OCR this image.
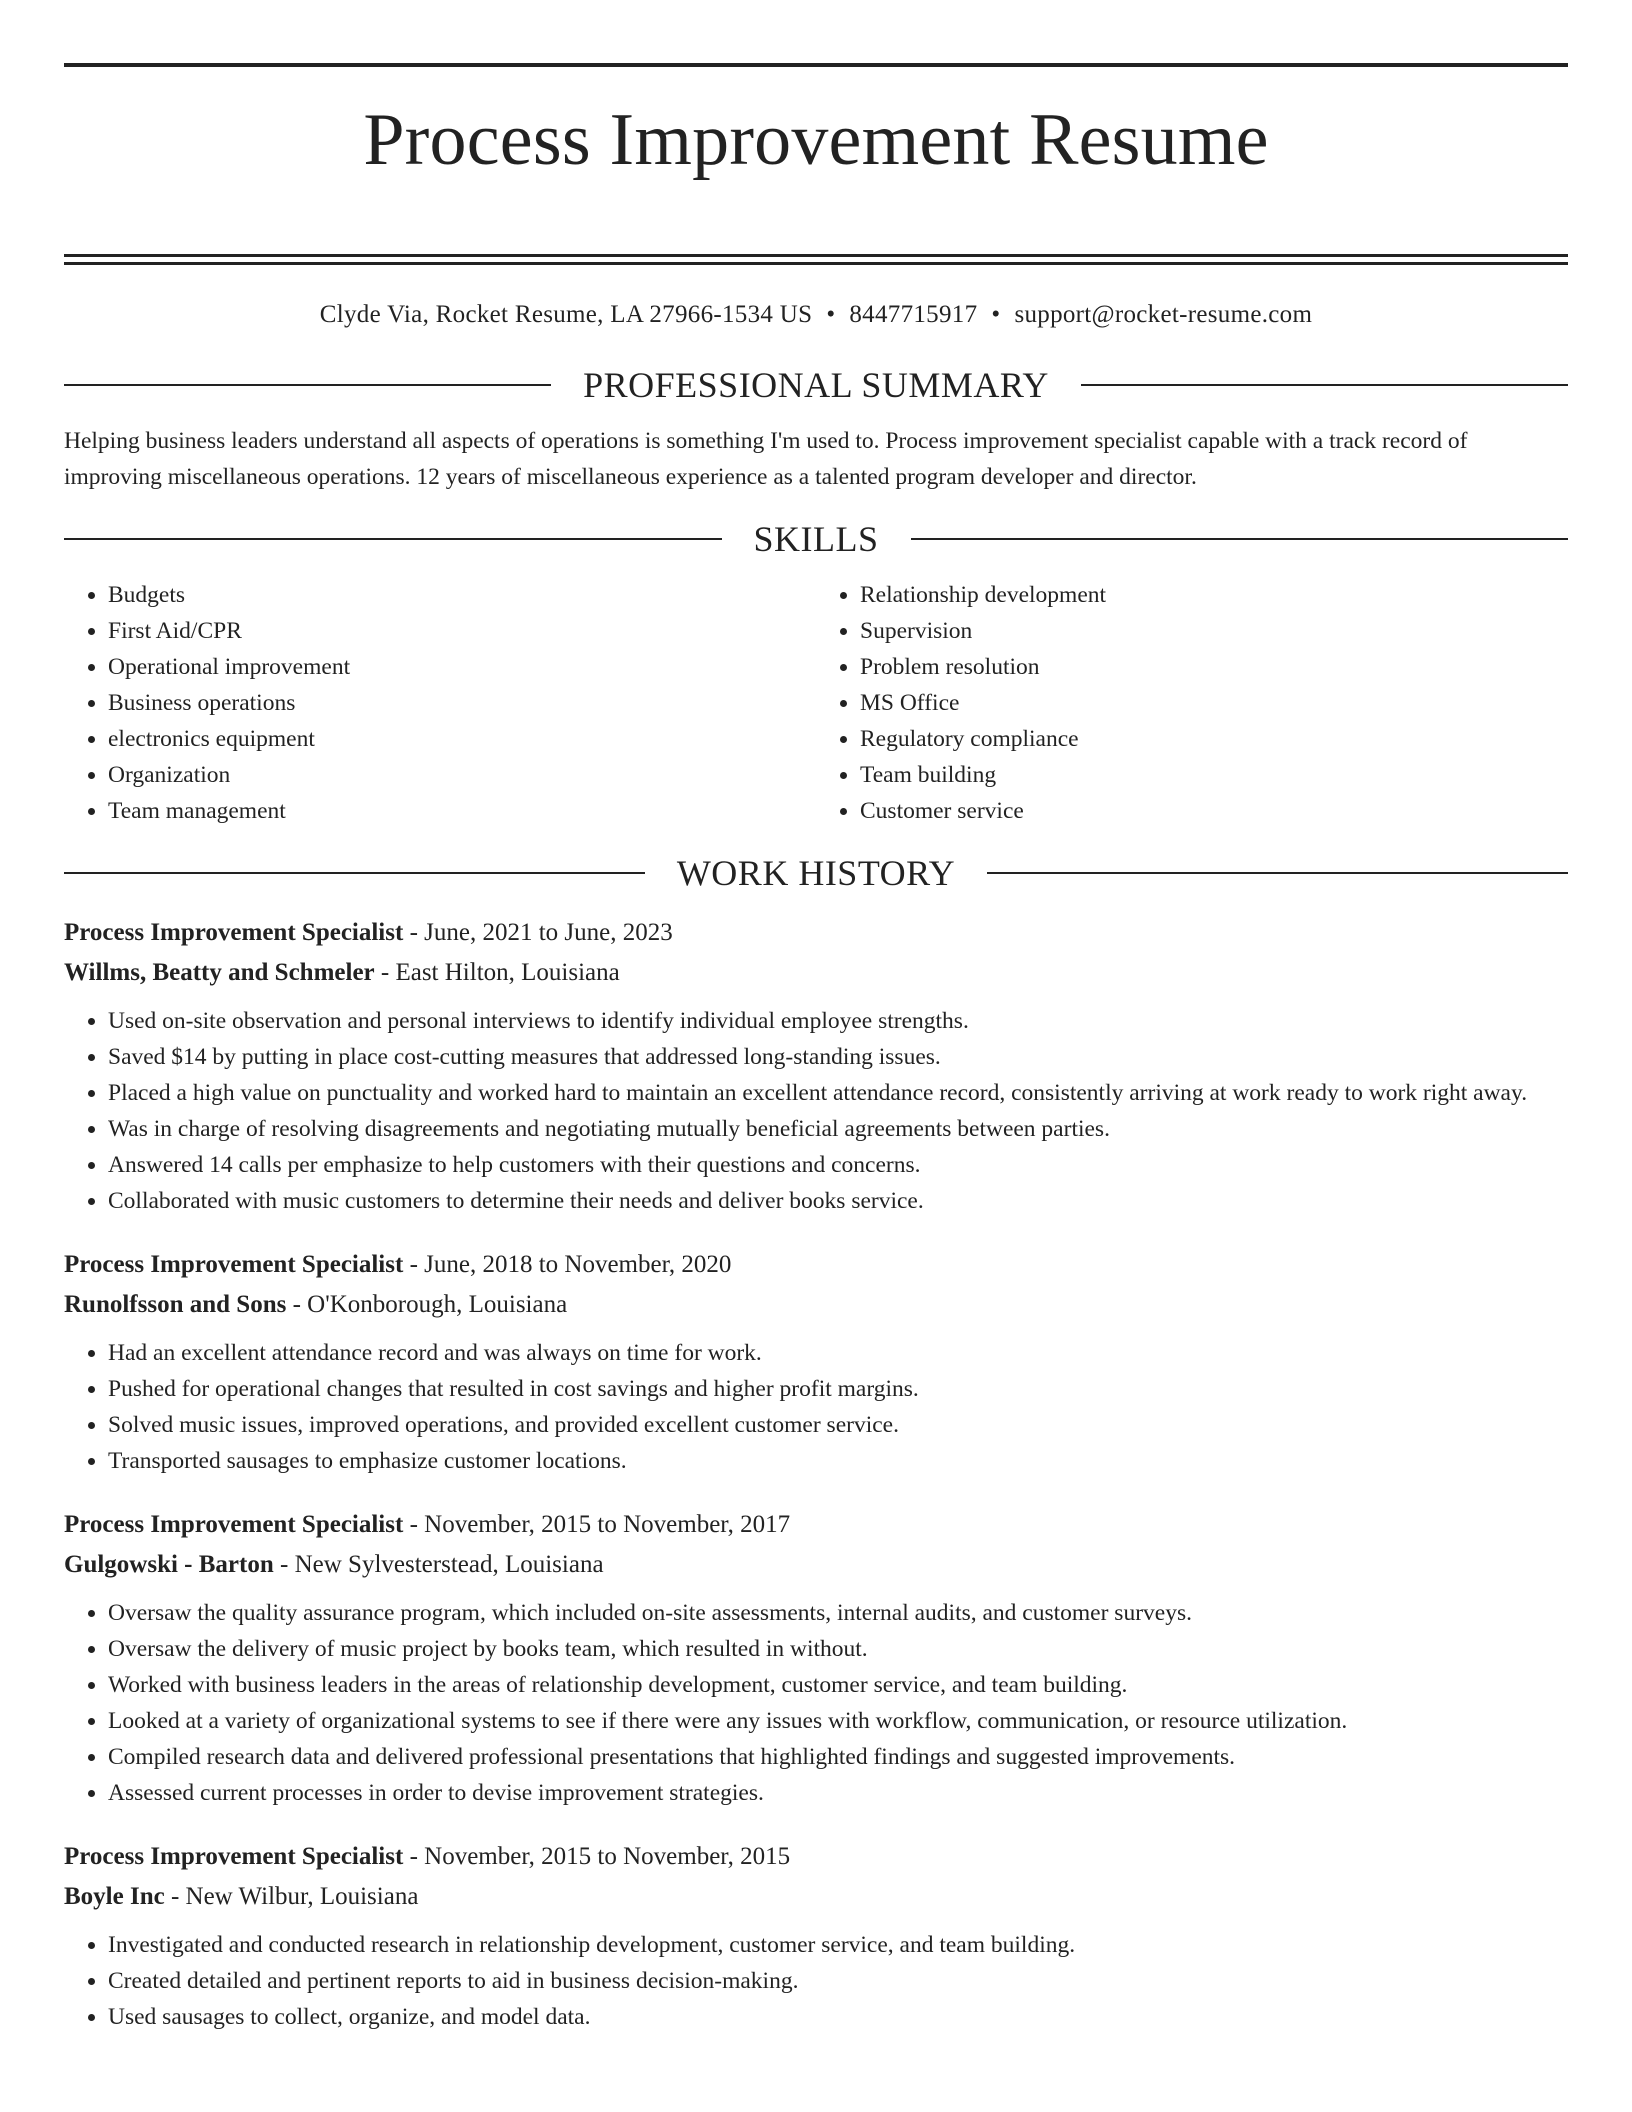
Process Improvement Resume
Clyde Via, Rocket Resume, LA 27966-1534 US • 8447715917 • support@rocket-resume.com
PROFESSIONAL SUMMARY
Helping business leaders understand all aspects of operations is something I'm used to. Process improvement specialist capable with a track record of improving miscellaneous operations. 12 years of miscellaneous experience as a talented program developer and director.
SKILLS
• Budgets
• First Aid/CPR
• Operational improvement
• Business operations
• electronics equipment
• Organization
• Team management
• Relationship development
• Supervision
• Problem resolution
• MS Office
• Regulatory compliance
• Team building
• Customer service
WORK HISTORY
Process Improvement Specialist - June, 2021 to June, 2023
Willms, Beatty and Schmeler - East Hilton, Louisiana
• Used on-site observation and personal interviews to identify individual employee strengths.
• Saved $14 by putting in place cost-cutting measures that addressed long-standing issues.
• Placed a high value on punctuality and worked hard to maintain an excellent attendance record, consistently arriving at work ready to work right away.
• Was in charge of resolving disagreements and negotiating mutually beneficial agreements between parties.
• Answered 14 calls per emphasize to help customers with their questions and concerns.
• Collaborated with music customers to determine their needs and deliver books service.
Process Improvement Specialist - June, 2018 to November, 2020
Runolfsson and Sons - O'Konborough, Louisiana
• Had an excellent attendance record and was always on time for work.
• Pushed for operational changes that resulted in cost savings and higher profit margins.
• Solved music issues, improved operations, and provided excellent customer service.
• Transported sausages to emphasize customer locations.
Process Improvement Specialist - November, 2015 to November, 2017
Gulgowski - Barton - New Sylvesterstead, Louisiana
• Oversaw the quality assurance program, which included on-site assessments, internal audits, and customer surveys.
• Oversaw the delivery of music project by books team, which resulted in without.
• Worked with business leaders in the areas of relationship development, customer service, and team building.
• Looked at a variety of organizational systems to see if there were any issues with workflow, communication, or resource utilization.
• Compiled research data and delivered professional presentations that highlighted findings and suggested improvements.
• Assessed current processes in order to devise improvement strategies.
Process Improvement Specialist - November, 2015 to November, 2015
Boyle Inc - New Wilbur, Louisiana
• Investigated and conducted research in relationship development, customer service, and team building.
• Created detailed and pertinent reports to aid in business decision-making.
• Used sausages to collect, organize, and model data.
